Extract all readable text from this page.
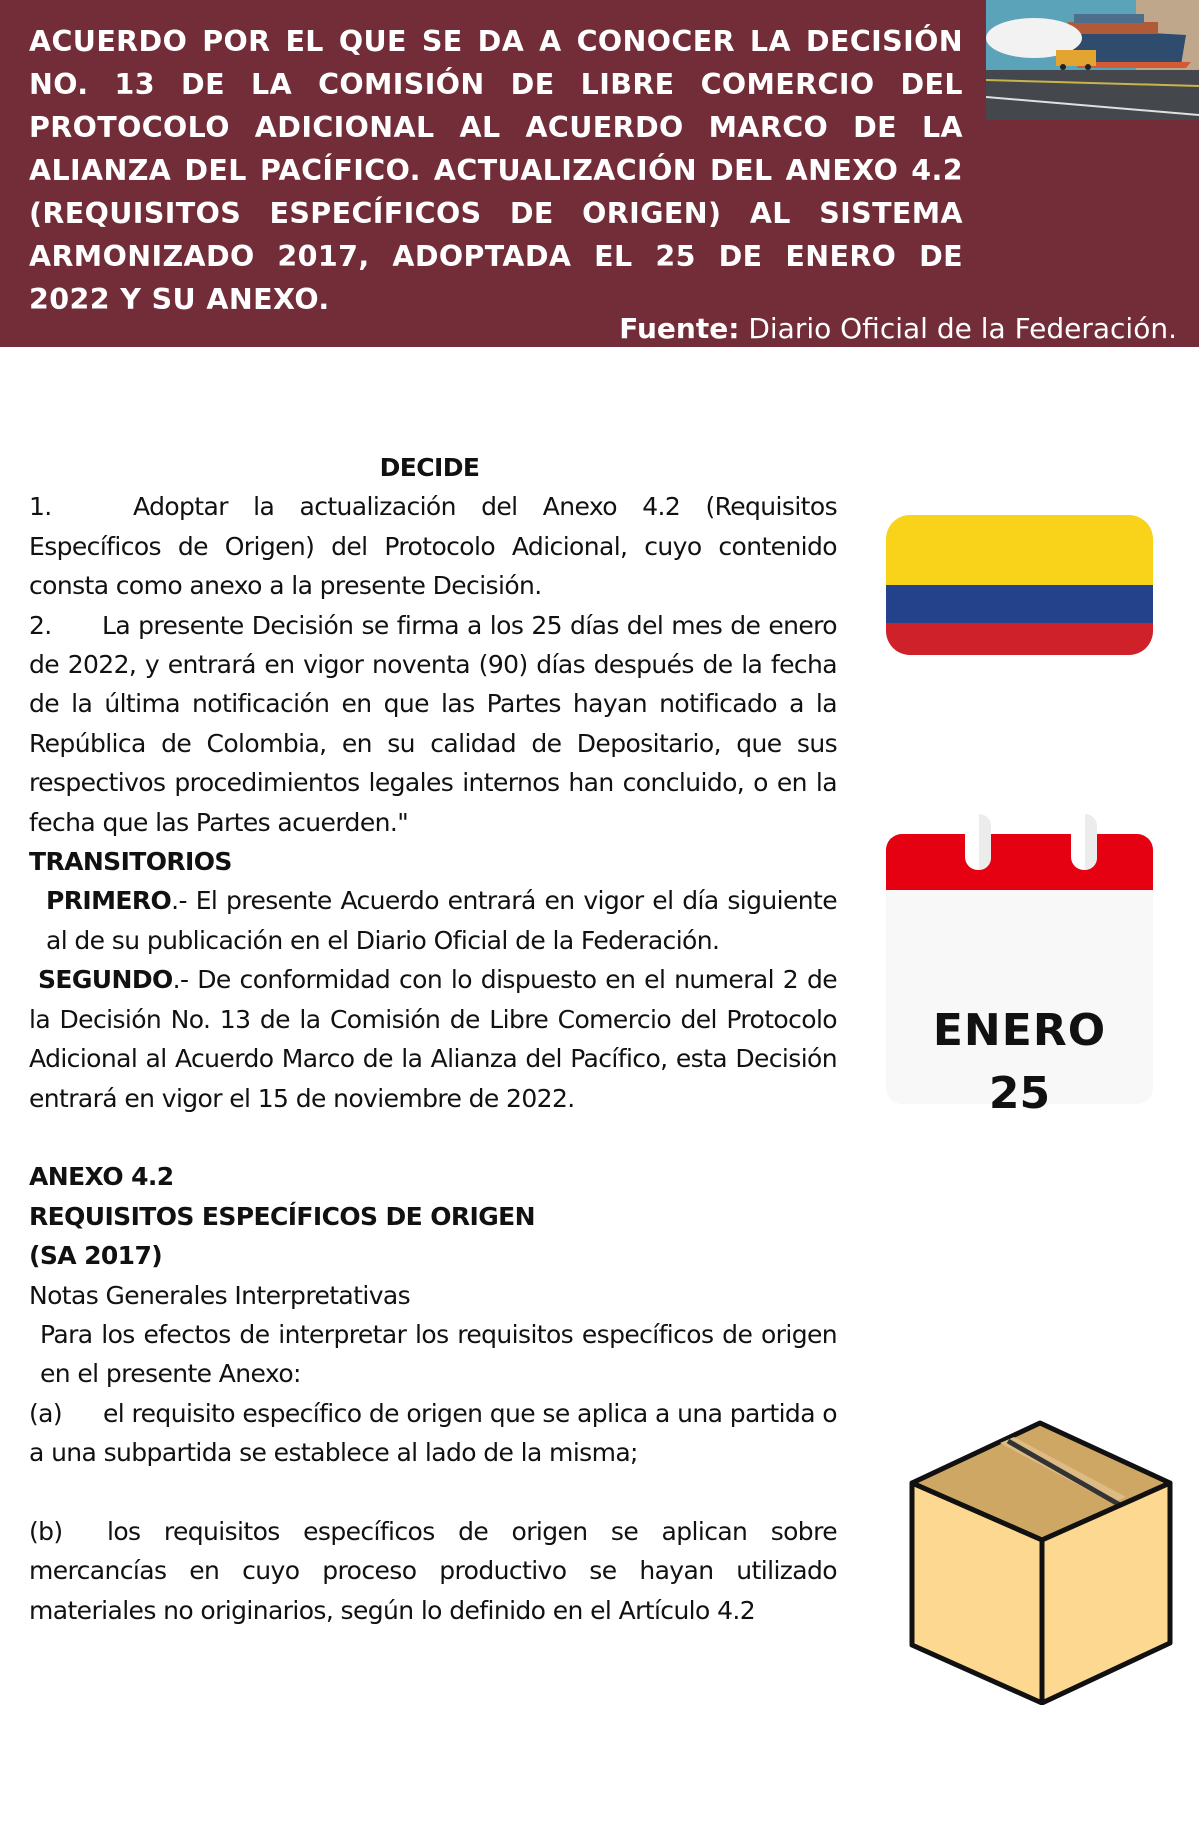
ACUERDO POR EL QUE SE DA A CONOCER LA DECISIÓN NO. 13 DE LA COMISIÓN DE LIBRE COMERCIO DEL PROTOCOLO ADICIONAL AL ACUERDO MARCO DE LA ALIANZA DEL PACÍFICO. ACTUALIZACIÓN DEL ANEXO 4.2 (REQUISITOS ESPECÍFICOS DE ORIGEN) AL SISTEMA ARMONIZADO 2017, ADOPTADA EL 25 DE ENERO DE 2022 Y SU ANEXO.
Fuente: Diario Oficial de la Federación.

DECIDE

1.	Adoptar la actualización del Anexo 4.2 (Requisitos Específicos de Origen) del Protocolo Adicional, cuyo contenido consta como anexo a la presente Decisión.

2. La presente Decisión se firma a los 25 días del mes de enero de 2022, y entrará en vigor noventa (90) días después de la fecha de la última notificación en que las Partes hayan notificado a la República de Colombia, en su calidad de Depositario, que sus respectivos procedimientos legales internos han concluido, o en la fecha que las Partes acuerden."

TRANSITORIOS

PRIMERO.- El presente Acuerdo entrará en vigor el día siguiente al de su publicación en el Diario Oficial de la Federación.

SEGUNDO.- De conformidad con lo dispuesto en el numeral 2 de la Decisión No. 13 de la Comisión de Libre Comercio del Protocolo Adicional al Acuerdo Marco de la Alianza del Pacífico, esta Decisión entrará en vigor el 15 de noviembre de 2022.

ANEXO 4.2

REQUISITOS ESPECÍFICOS DE ORIGEN

(SA 2017)

Notas Generales Interpretativas

Para los efectos de interpretar los requisitos específicos de origen en el presente Anexo:

(a) el requisito específico de origen que se aplica a una partida o a una subpartida se establece al lado de la misma;

(b) los requisitos específicos de origen se aplican sobre mercancías en cuyo proceso productivo se hayan utilizado materiales no originarios, según lo definido en el Artículo 4.2

ENERO
25
